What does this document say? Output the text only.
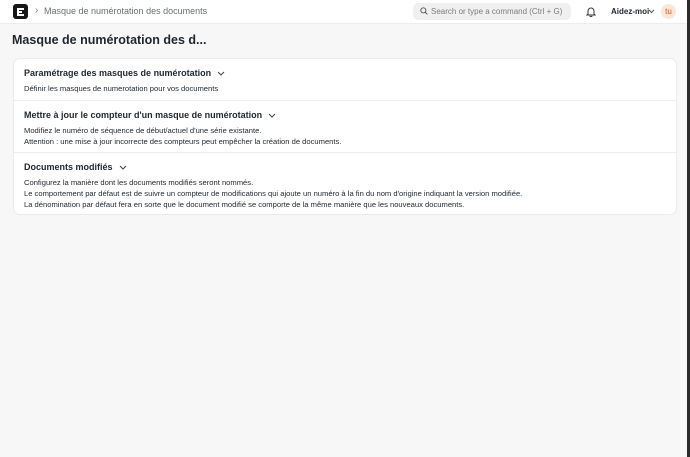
› Masque de numérotation des documents
Search or type a command (Ctrl + G)	Aidez-moi	tu
Masque de numérotation des d...
Paramétrage des masques de numérotation
Définir les masques de numerotation pour vos documents
Mettre à jour le compteur d'un masque de numérotation
Modifiez le numéro de séquence de début/actuel d'une série existante.
Attention : une mise à jour incorrecte des compteurs peut empêcher la création de documents.
Documents modifiés
Configurez la manière dont les documents modifiés seront nommés.
Le comportement par défaut est de suivre un compteur de modifications qui ajoute un numéro à la fin du nom d'origine indiquant la version modifiée.
La dénomination par défaut fera en sorte que le document modifié se comporte de la même manière que les nouveaux documents.
